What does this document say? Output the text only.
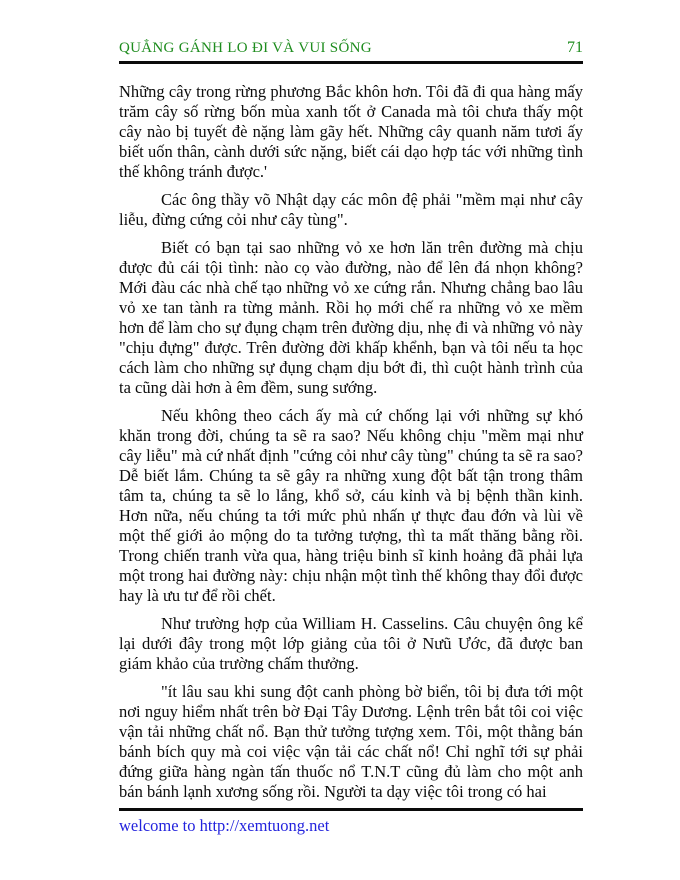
QUẲNG GÁNH LO ĐI VÀ VUI SỐNG	71

Những cây trong rừng phương Bắc khôn hơn. Tôi đã đi qua hàng mấy trăm cây số rừng bốn mùa xanh tốt ở Canada mà tôi chưa thấy một cây nào bị tuyết đè nặng làm gãy hết. Những cây quanh năm tươi ấy biết uốn thân, cành dưới sức nặng, biết cái dạo hợp tác với những tình thế không tránh được.'

Các ông thầy võ Nhật dạy các môn đệ phải "mềm mại như cây liễu, đừng cứng cỏi như cây tùng".

Biết có bạn tại sao những vỏ xe hơn lăn trên đường mà chịu được đủ cái tội tình: nào cọ vào đường, nào để lên đá nhọn không? Mới đàu các nhà chế tạo những vỏ xe cứng rắn. Nhưng chẳng bao lâu vỏ xe tan tành ra từng mảnh. Rồi họ mới chế ra những vỏ xe mềm hơn để làm cho sự đụng chạm trên đường dịu, nhẹ đi và những vỏ này "chịu đựng" được. Trên đường đời khấp khểnh, bạn và tôi nếu ta học cách làm cho những sự đụng chạm dịu bớt đi, thì cuột hành trình của ta cũng dài hơn à êm đềm, sung sướng.

Nếu không theo cách ấy mà cứ chống lại với những sự khó khăn trong đời, chúng ta sẽ ra sao? Nếu không chịu "mềm mại như cây liễu" mà cứ nhất định "cứng cỏi như cây tùng" chúng ta sẽ ra sao? Dễ biết lắm. Chúng ta sẽ gây ra những xung đột bất tận trong thâm tâm ta, chúng ta sẽ lo lắng, khổ sở, cáu kỉnh và bị bệnh thần kinh. Hơn nữa, nếu chúng ta tới mức phủ nhấn ự thực đau đớn và lùi về một thế giới ảo mộng do ta tưởng tượng, thì ta mất thăng bằng rồi. Trong chiến tranh vừa qua, hàng triệu binh sĩ kinh hoảng đã phải lựa một trong hai đường này: chịu nhận một tình thế không thay đổi được hay là ưu tư để rồi chết.

Như trường hợp của William H. Casselins. Câu chuyện ông kể lại dưới đây trong một lớp giảng của tôi ở Nưũ Ước, đã được ban giám khảo của trường chấm thưởng.

"ít lâu sau khi sung đột canh phòng bờ biển, tôi bị đưa tới một nơi nguy hiểm nhất trên bờ Đại Tây Dương. Lệnh trên bắt tôi coi việc vận tải những chất nổ. Bạn thử tưởng tượng xem. Tôi, một thằng bán bánh bích quy mà coi việc vận tải các chất nổ! Chỉ nghĩ tới sự phải đứng giữa hàng ngàn tấn thuốc nổ T.N.T cũng đủ làm cho một anh bán bánh lạnh xương sống rồi. Người ta dạy việc tôi trong có hai

welcome to http://xemtuong.net
